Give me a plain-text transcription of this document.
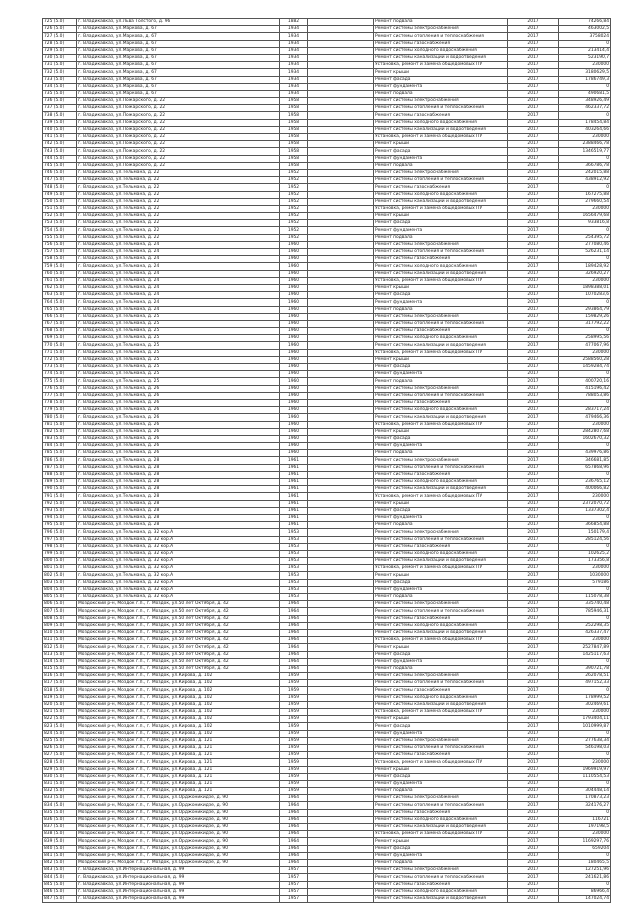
725 (5.0)	г. Владикавказ, ул.Льва Толстого, д. 96	1882		Ремонт подвала	2017	74266,84
726 (5.0)	г. Владикавказ, ул.Маркова, д. 67	1934		Ремонт системы электроснабжения	2017	463002,5
727 (5.0)	г. Владикавказ, ул.Маркова, д. 67	1934		Ремонт системы отопления и теплоснабжения	2017	3758024
728 (5.0)	г. Владикавказ, ул.Маркова, д. 67	1934		Ремонт системы газоснабжения	2017	0
729 (5.0)	г. Владикавказ, ул.Маркова, д. 67	1934		Ремонт системы холодного водоснабжения	2017	213414,4
730 (5.0)	г. Владикавказ, ул.Маркова, д. 67	1934		Ремонт системы канализации и водоотведения	2017	523190,7
731 (5.0)	г. Владикавказ, ул.Маркова, д. 67	1934		Установка, ремонт и замена общедомовых ПУ	2017	230000
732 (5.0)	г. Владикавказ, ул.Маркова, д. 67	1934		Ремонт крыши	2017	3180629,5
733 (5.0)	г. Владикавказ, ул.Маркова, д. 67	1934		Ремонт фасада	2017	1786749,3
734 (5.0)	г. Владикавказ, ул.Маркова, д. 67	1934		Ремонт фундамента	2017	0
735 (5.0)	г. Владикавказ, ул.Маркова, д. 67	1934		Ремонт подвала	2017	490681,5
736 (5.0)	г. Владикавказ, ул.Пожарского, д. 22	1958		Ремонт системы электроснабжения	2017	348926,49
737 (5.0)	г. Владикавказ, ул.Пожарского, д. 22	1958		Ремонт системы отопления и теплоснабжения	2017	462337,72
738 (5.0)	г. Владикавказ, ул.Пожарского, д. 22	1958		Ремонт системы газоснабжения	2017	0
739 (5.0)	г. Владикавказ, ул.Пожарского, д. 22	1958		Ремонт системы холодного водоснабжения	2017	178454,84
740 (5.0)	г. Владикавказ, ул.Пожарского, д. 22	1958		Ремонт системы канализации и водоотведения	2017	403264,66
741 (5.0)	г. Владикавказ, ул.Пожарского, д. 22	1958		Установка, ремонт и замена общедомовых ПУ	2017	230000
742 (5.0)	г. Владикавказ, ул.Пожарского, д. 22	1958		Ремонт крыши	2017	2388466,78
743 (5.0)	г. Владикавказ, ул.Пожарского, д. 22	1958		Ремонт фасада	2017	1346519,77
744 (5.0)	г. Владикавказ, ул.Пожарского, д. 22	1958		Ремонт фундамента	2017	0
745 (5.0)	г. Владикавказ, ул.Пожарского, д. 22	1958		Ремонт подвала	2017	366786,78
746 (5.0)	г. Владикавказ, ул.Тельмана, д. 22	1952		Ремонт системы электроснабжения	2017	242015,88
747 (5.0)	г. Владикавказ, ул.Тельмана, д. 22	1952		Ремонт системы отопления и теплоснабжения	2017	438912,92
748 (5.0)	г. Владикавказ, ул.Тельмана, д. 22	1952		Ремонт системы газоснабжения	2017	0
749 (5.0)	г. Владикавказ, ул.Тельмана, д. 22	1952		Ремонт системы холодного водоснабжения	2017	167275,88
750 (5.0)	г. Владикавказ, ул.Тельмана, д. 22	1952		Ремонт системы канализации и водоотведения	2017	279660,54
751 (5.0)	г. Владикавказ, ул.Тельмана, д. 22	1952		Установка, ремонт и замена общедомовых ПУ	2017	230000
752 (5.0)	г. Владикавказ, ул.Тельмана, д. 22	1952		Ремонт крыши	2017	1656479,68
753 (5.0)	г. Владикавказ, ул.Тельмана, д. 22	1952		Ремонт фасада	2017	933816,8
754 (5.0)	г. Владикавказ, ул.Тельмана, д. 22	1952		Ремонт фундамента	2017	0
755 (5.0)	г. Владикавказ, ул.Тельмана, д. 22	1952		Ремонт подвала	2017	254395,72
756 (5.0)	г. Владикавказ, ул.Тельмана, д. 24	1960		Ремонт системы электроснабжения	2017	277080,46
757 (5.0)	г. Владикавказ, ул.Тельмана, д. 24	1960		Ремонт системы отопления и теплоснабжения	2017	526231,14
758 (5.0)	г. Владикавказ, ул.Тельмана, д. 24	1960		Ремонт системы газоснабжения	2017	0
759 (5.0)	г. Владикавказ, ул.Тельмана, д. 24	1960		Ремонт системы холодного водоснабжения	2017	189428,92
760 (5.0)	г. Владикавказ, ул.Тельмана, д. 24	1960		Ремонт системы канализации и водоотведения	2017	326920,27
761 (5.0)	г. Владикавказ, ул.Тельмана, д. 24	1960		Установка, ремонт и замена общедомовых ПУ	2017	230000
762 (5.0)	г. Владикавказ, ул.Тельмана, д. 24	1960		Ремонт крыши	2017	1898388,01
763 (5.0)	г. Владикавказ, ул.Тельмана, д. 24	1960		Ремонт фасада	2017	1070283,6
764 (5.0)	г. Владикавказ, ул.Тельмана, д. 24	1960		Ремонт фундамента	2017	0
765 (5.0)	г. Владикавказ, ул.Тельмана, д. 24	1960		Ремонт подвала	2017	293864,79
766 (5.0)	г. Владикавказ, ул.Тельмана, д. 25	1960		Ремонт системы электроснабжения	2017	159829,26
767 (5.0)	г. Владикавказ, ул.Тельмана, д. 25	1960		Ремонт системы отопления и теплоснабжения	2017	317792,22
768 (5.0)	г. Владикавказ, ул.Тельмана, д. 25	1960		Ремонт системы газоснабжения	2017	0
769 (5.0)	г. Владикавказ, ул.Тельмана, д. 25	1960		Ремонт системы холодного водоснабжения	2017	258995,56
770 (5.0)	г. Владикавказ, ул.Тельмана, д. 25	1960		Ремонт системы канализации и водоотведения	2017	477067,96
771 (5.0)	г. Владикавказ, ул.Тельмана, д. 25	1960		Установка, ремонт и замена общедомовых ПУ	2017	230000
772 (5.0)	г. Владикавказ, ул.Тельмана, д. 25	1960		Ремонт крыши	2017	2588560,28
773 (5.0)	г. Владикавказ, ул.Тельмана, д. 25	1960		Ремонт фасада	2017	1459284,74
774 (5.0)	г. Владикавказ, ул.Тельмана, д. 25	1960		Ремонт фундамента	2017	0
775 (5.0)	г. Владикавказ, ул.Тельмана, д. 25	1960		Ремонт подвала	2017	400720,16
776 (5.0)	г. Владикавказ, ул.Тельмана, д. 26	1960		Ремонт системы электроснабжения	2017	415196,42
777 (5.0)	г. Владикавказ, ул.Тельмана, д. 26	1960		Ремонт системы отопления и теплоснабжения	2017	788053,86
778 (5.0)	г. Владикавказ, ул.Тельмана, д. 26	1960		Ремонт системы газоснабжения	2017	0
779 (5.0)	г. Владикавказ, ул.Тельмана, д. 26	1960		Ремонт системы холодного водоснабжения	2017	283717,24
780 (5.0)	г. Владикавказ, ул.Тельмана, д. 26	1960		Ремонт системы канализации и водоотведения	2017	479466,36
781 (5.0)	г. Владикавказ, ул.Тельмана, д. 26	1960		Установка, ремонт и замена общедомовых ПУ	2017	230000
782 (5.0)	г. Владикавказ, ул.Тельмана, д. 26	1960		Ремонт крыши	2017	2842807,68
783 (5.0)	г. Владикавказ, ул.Тельмана, д. 26	1960		Ремонт фасада	2017	1602670,32
784 (5.0)	г. Владикавказ, ул.Тельмана, д. 26	1960		Ремонт фундамента	2017	0
785 (5.0)	г. Владикавказ, ул.Тельмана, д. 26	1960		Ремонт подвала	2017	439976,86
786 (5.0)	г. Владикавказ, ул.Тельмана, д. 28	1961		Ремонт системы электроснабжения	2017	346681,85
787 (5.0)	г. Владикавказ, ул.Тельмана, д. 28	1961		Ремонт системы отопления и теплоснабжения	2017	657868,96
788 (5.0)	г. Владикавказ, ул.Тельмана, д. 28	1961		Ремонт системы газоснабжения	2017	0
789 (5.0)	г. Владикавказ, ул.Тельмана, д. 28	1961		Ремонт системы холодного водоснабжения	2017	236765,12
790 (5.0)	г. Владикавказ, ул.Тельмана, д. 28	1961		Ремонт системы канализации и водоотведения	2017	400066,82
791 (5.0)	г. Владикавказ, ул.Тельмана, д. 28	1961		Установка, ремонт и замена общедомовых ПУ	2017	230000
792 (5.0)	г. Владикавказ, ул.Тельмана, д. 28	1961		Ремонт крыши	2017	2372070,72
793 (5.0)	г. Владикавказ, ул.Тельмана, д. 28	1961		Ремонт фасада	2017	1337302,4
794 (5.0)	г. Владикавказ, ул.Тельмана, д. 28	1961		Ремонт фундамента	2017	0
795 (5.0)	г. Владикавказ, ул.Тельмана, д. 28	1961		Ремонт подвала	2017	366854,88
796 (5.0)	г. Владикавказ, ул.Тельмана, д. 32 кор.А	1953		Ремонт системы электроснабжения	2017	150179,4
797 (5.0)	г. Владикавказ, ул.Тельмана, д. 32 кор.А	1953		Ремонт системы отопления и теплоснабжения	2017	285124,56
798 (5.0)	г. Владикавказ, ул.Тельмана, д. 32 кор.А	1953		Ремонт системы газоснабжения	2017	0
799 (5.0)	г. Владикавказ, ул.Тельмана, д. 32 кор.А	1953		Ремонт системы холодного водоснабжения	2017	102625,2
800 (5.0)	г. Владикавказ, ул.Тельмана, д. 32 кор.А	1953		Ремонт системы канализации и водоотведения	2017	173356,8
801 (5.0)	г. Владикавказ, ул.Тельмана, д. 32 кор.А	1953		Установка, ремонт и замена общедомовых ПУ	2017	230000
802 (5.0)	г. Владикавказ, ул.Тельмана, д. 32 кор.А	1953		Ремонт крыши	2017	1030000
803 (5.0)	г. Владикавказ, ул.Тельмана, д. 32 кор.А	1953		Ремонт фасада	2017	579186
804 (5.0)	г. Владикавказ, ул.Тельмана, д. 32 кор.А	1953		Ремонт фундамента	2017	0
805 (5.0)	г. Владикавказ, ул.Тельмана, д. 32 кор.А	1953		Ремонт подвала	2017	115078,38
806 (5.0)	Моздокский р-н, Моздок г.п., г. Моздок, ул.50 лет Октября, д. 42	1964		Ремонт системы электроснабжения	2017	335740,48
807 (5.0)	Моздокский р-н, Моздок г.п., г. Моздок, ул.50 лет Октября, д. 42	1964		Ремонт системы отопления и теплоснабжения	2017	785946,31
808 (5.0)	Моздокский р-н, Моздок г.п., г. Моздок, ул.50 лет Октября, д. 42	1964		Ремонт системы газоснабжения	2017	0
809 (5.0)	Моздокский р-н, Моздок г.п., г. Моздок, ул.50 лет Октября, д. 42	1964		Ремонт системы холодного водоснабжения	2017	252298,35
810 (5.0)	Моздокский р-н, Моздок г.п., г. Моздок, ул.50 лет Октября, д. 42	1964		Ремонт системы канализации и водоотведения	2017	426337,47
811 (5.0)	Моздокский р-н, Моздок г.п., г. Моздок, ул.50 лет Октября, д. 42	1964		Установка, ремонт и замена общедомовых ПУ	2017	230000
812 (5.0)	Моздокский р-н, Моздок г.п., г. Моздок, ул.50 лет Октября, д. 42	1964		Ремонт крыши	2017	2527847,89
813 (5.0)	Моздокский р-н, Моздок г.п., г. Моздок, ул.50 лет Октября, д. 42	1964		Ремонт фасада	2017	1425117,63
814 (5.0)	Моздокский р-н, Моздок г.п., г. Моздок, ул.50 лет Октября, д. 42	1964		Ремонт фундамента	2017	0
815 (5.0)	Моздокский р-н, Моздок г.п., г. Моздок, ул.50 лет Октября, д. 42	1964		Ремонт подвала	2017	390721,78
816 (5.0)	Моздокский р-н, Моздок г.п., г. Моздок, ул.Кирова, д. 102	1959		Ремонт системы электроснабжения	2017	262078,51
817 (5.0)	Моздокский р-н, Моздок г.п., г. Моздок, ул.Кирова, д. 102	1959		Ремонт системы отопления и теплоснабжения	2017	497152,33
818 (5.0)	Моздокский р-н, Моздок г.п., г. Моздок, ул.Кирова, д. 102	1959		Ремонт системы газоснабжения	2017	0
819 (5.0)	Моздокский р-н, Моздок г.п., г. Моздок, ул.Кирова, д. 102	1959		Ремонт системы холодного водоснабжения	2017	178999,52
820 (5.0)	Моздокский р-н, Моздок г.п., г. Моздок, ул.Кирова, д. 102	1959		Ремонт системы канализации и водоотведения	2017	302469,61
821 (5.0)	Моздокский р-н, Моздок г.п., г. Моздок, ул.Кирова, д. 102	1959		Установка, ремонт и замена общедомовых ПУ	2017	230000
822 (5.0)	Моздокский р-н, Моздок г.п., г. Моздок, ул.Кирова, д. 102	1959		Ремонт крыши	2017	1793404,11
823 (5.0)	Моздокский р-н, Моздок г.п., г. Моздок, ул.Кирова, д. 102	1959		Ремонт фасада	2017	1010999,87
824 (5.0)	Моздокский р-н, Моздок г.п., г. Моздок, ул.Кирова, д. 102	1959		Ремонт фундамента	2017	0
825 (5.0)	Моздокский р-н, Моздок г.п., г. Моздок, ул.Кирова, д. 121	1959		Ремонт системы электроснабжения	2017	277638,34
826 (5.0)	Моздокский р-н, Моздок г.п., г. Моздок, ул.Кирова, д. 121	1959		Ремонт системы отопления и теплоснабжения	2017	546198,03
827 (5.0)	Моздокский р-н, Моздок г.п., г. Моздок, ул.Кирова, д. 121	1959		Ремонт системы газоснабжения	2017	0
828 (5.0)	Моздокский р-н, Моздок г.п., г. Моздок, ул.Кирова, д. 121	1959		Установка, ремонт и замена общедомовых ПУ	2017	230000
829 (5.0)	Моздокский р-н, Моздок г.п., г. Моздок, ул.Кирова, д. 121	1959		Ремонт крыши	2017	1969919,97
830 (5.0)	Моздокский р-н, Моздок г.п., г. Моздок, ул.Кирова, д. 121	1959		Ремонт фасада	2017	1110554,53
831 (5.0)	Моздокский р-н, Моздок г.п., г. Моздок, ул.Кирова, д. 121	1959		Ремонт фундамента	2017	0
832 (5.0)	Моздокский р-н, Моздок г.п., г. Моздок, ул.Кирова, д. 121	1959		Ремонт подвала	2017	304448,14
833 (5.0)	Моздокский р-н, Моздок г.п., г. Моздок, ул.Орджоникидзе, д. 90	1964		Ремонт системы электроснабжения	2017	170873,23
834 (5.0)	Моздокский р-н, Моздок г.п., г. Моздок, ул.Орджоникидзе, д. 90	1964		Ремонт системы отопления и теплоснабжения	2017	324176,27
835 (5.0)	Моздокский р-н, Моздок г.п., г. Моздок, ул.Орджоникидзе, д. 90	1964		Ремонт системы газоснабжения	2017	0
836 (5.0)	Моздокский р-н, Моздок г.п., г. Моздок, ул.Орджоникидзе, д. 90	1964		Ремонт системы холодного водоснабжения	2017	116721
837 (5.0)	Моздокский р-н, Моздок г.п., г. Моздок, ул.Орджоникидзе, д. 90	1964		Ремонт системы канализации и водоотведения	2017	197198,5
838 (5.0)	Моздокский р-н, Моздок г.п., г. Моздок, ул.Орджоникидзе, д. 90	1964		Установка, ремонт и замена общедомовых ПУ	2017	230000
839 (5.0)	Моздокский р-н, Моздок г.п., г. Моздок, ул.Орджоникидзе, д. 90	1964		Ремонт крыши	2017	1169297,76
840 (5.0)	Моздокский р-н, Моздок г.п., г. Моздок, ул.Орджоникидзе, д. 90	1964		Ремонт фасада	2017	659204
841 (5.0)	Моздокский р-н, Моздок г.п., г. Моздок, ул.Орджоникидзе, д. 90	1964		Ремонт фундамента	2017	0
842 (5.0)	Моздокский р-н, Моздок г.п., г. Моздок, ул.Орджоникидзе, д. 90	1964		Ремонт подвала	2017	180465,5
843 (5.0)	г. Владикавказ, ул.Интернациональная, д. 99	1957		Ремонт системы электроснабжения	2017	127251,96
844 (5.0)	г. Владикавказ, ул.Интернациональная, д. 99	1957		Ремонт системы отопления и теплоснабжения	2017	241621,86
845 (5.0)	г. Владикавказ, ул.Интернациональная, д. 99	1957		Ремонт системы газоснабжения	2017	0
846 (5.0)	г. Владикавказ, ул.Интернациональная, д. 99	1957		Ремонт системы холодного водоснабжения	2017	86966,4
847 (5.0)	г. Владикавказ, ул.Интернациональная, д. 99	1957		Ремонт системы канализации и водоотведения	2017	147024,74
